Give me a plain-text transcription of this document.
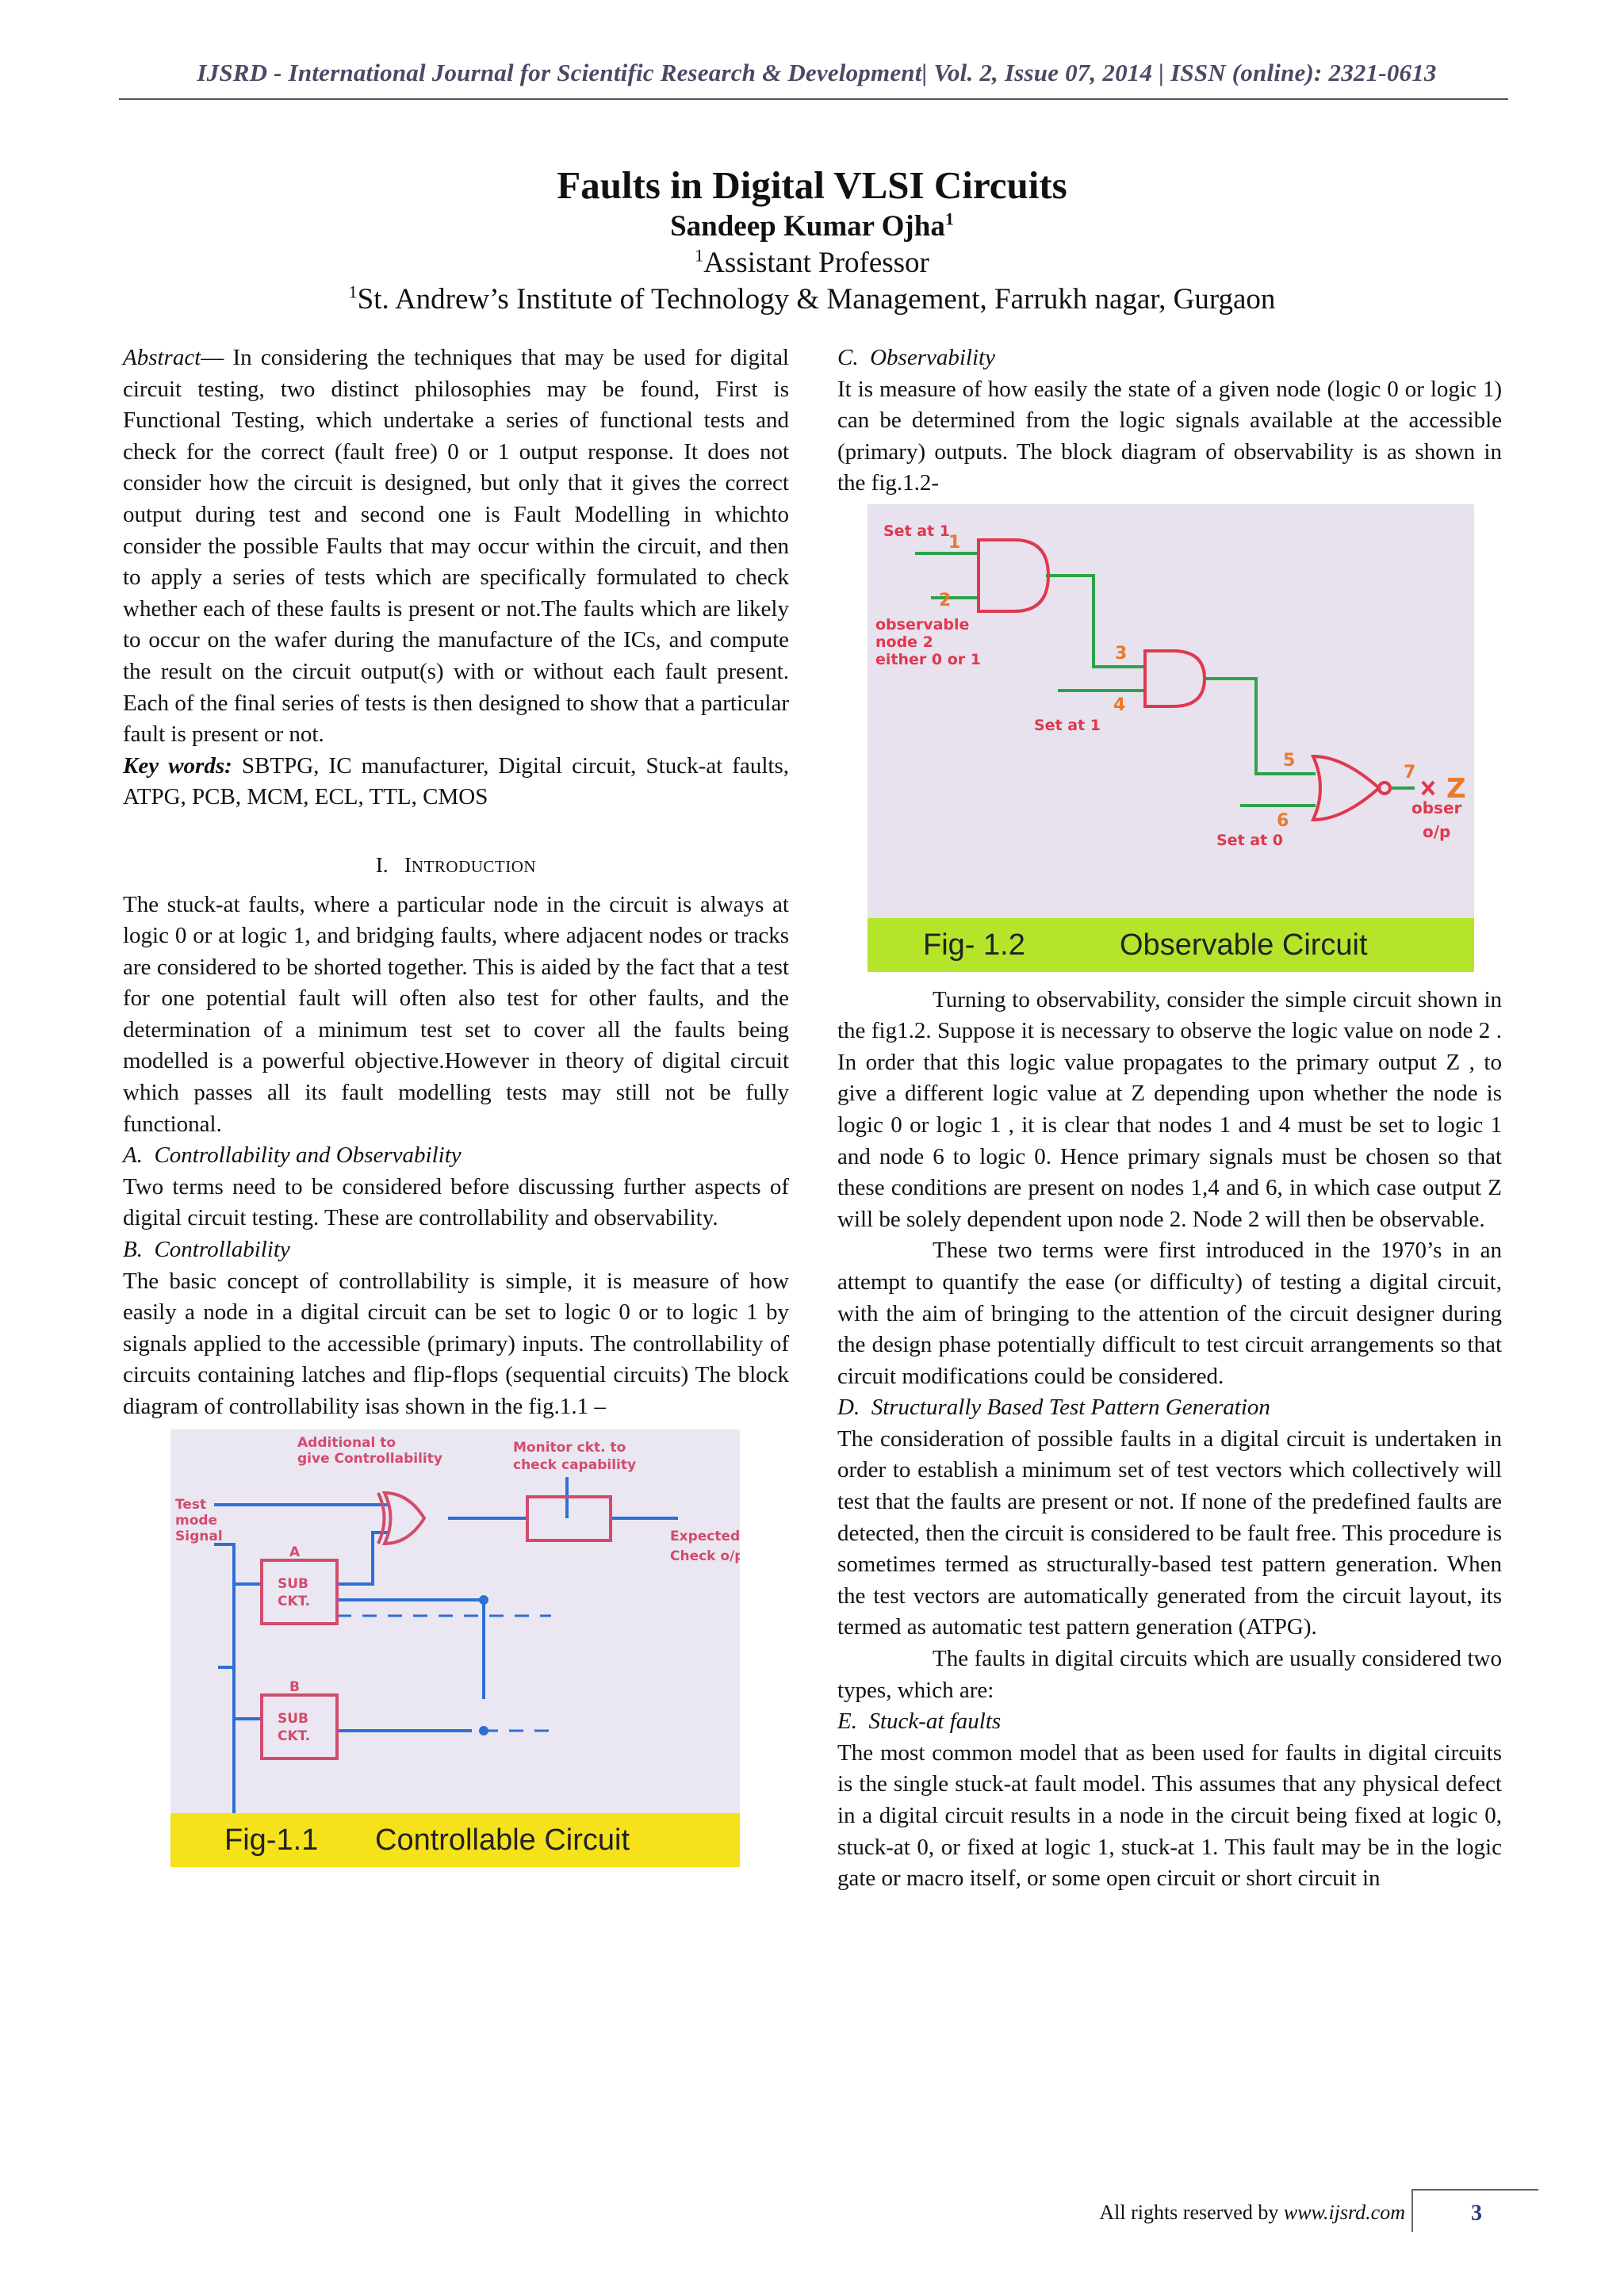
IJSRD - International Journal for Scientific Research & Development| Vol. 2, Issue 07, 2014 | ISSN (online): 2321-0613
Faults in Digital VLSI Circuits
Sandeep Kumar Ojha$^1$
$^1$Assistant Professor
$^1$St. Andrew’s Institute of Technology & Management, Farrukh nagar, Gurgaon

Abstract— In considering the techniques that may be used for digital circuit testing, two distinct philosophies may be found, First is Functional Testing, which undertake a series of functional tests and check for the correct (fault free) 0 or 1 output response. It does not consider how the circuit is designed, but only that it gives the correct output during test and second one is Fault Modelling in whichto consider the possible Faults that may occur within the circuit, and then to apply a series of tests which are specifically formulated to check whether each of these faults is present or not.The faults which are likely to occur on the wafer during the manufacture of the ICs, and compute the result on the circuit output(s) with or without each fault present. Each of the final series of tests is then designed to show that a particular fault is present or not.

Key words: SBTPG, IC manufacturer, Digital circuit, Stuck-at faults, ATPG, PCB, MCM, ECL, TTL, CMOS

I. INTRODUCTION

The stuck-at faults, where a particular node in the circuit is always at logic 0 or at logic 1, and bridging faults, where adjacent nodes or tracks are considered to be shorted together. This is aided by the fact that a test for one potential fault will often also test for other faults, and the determination of a minimum test set to cover all the faults being modelled is a powerful objective.However in theory of digital circuit which passes all its fault modelling tests may still not be fully functional.

A. Controllability and Observability

Two terms need to be considered before discussing further aspects of digital circuit testing. These are controllability and observability.

B. Controllability

The basic concept of controllability is simple, it is measure of how easily a node in a digital circuit can be set to logic 0 or to logic 1 by signals applied to the accessible (primary) inputs. The controllability of circuits containing latches and flip-flops (sequential circuits) The block diagram of controllability isas shown in the fig.1.1 –

Additional to
give Controllability
Test
mode
Signal
Monitor ckt. to
check capability
SUB
CKT.
SUB
CKT.
A
B
Expected
Check o/p
Fig-1.1 Controllable Circuit

C. Observability

It is measure of how easily the state of a given node (logic 0 or logic 1) can be determined from the logic signals available at the accessible (primary) outputs. The block diagram of observability is as shown in the fig.1.2-

Set at 1
observable
node 2
either 0 or 1
Set at 1
Set at 0
obser
o/p
Z
1
2
3
4
5
6
7
Fig- 1.2	Observable Circuit

Turning to observability, consider the simple circuit shown in the fig1.2. Suppose it is necessary to observe the logic value on node 2 . In order that this logic value propagates to the primary output Z , to give a different logic value at Z depending upon whether the node is logic 0 or logic 1 , it is clear that nodes 1 and 4 must be set to logic 1 and node 6 to logic 0. Hence primary signals must be chosen so that these conditions are present on nodes 1,4 and 6, in which case output Z will be solely dependent upon node 2. Node 2 will then be observable.

These two terms were first introduced in the 1970’s in an attempt to quantify the ease (or difficulty) of testing a digital circuit, with the aim of bringing to the attention of the circuit designer during the design phase potentially difficult to test circuit arrangements so that circuit modifications could be considered.

D. Structurally Based Test Pattern Generation

The consideration of possible faults in a digital circuit is undertaken in order to establish a minimum set of test vectors which collectively will test that the faults are present or not. If none of the predefined faults are detected, then the circuit is considered to be fault free. This procedure is sometimes termed as structurally-based test pattern generation. When the test vectors are automatically generated from the circuit layout, its termed as automatic test pattern generation (ATPG).

The faults in digital circuits which are usually considered two types, which are:

E. Stuck-at faults

The most common model that as been used for faults in digital circuits is the single stuck-at fault model. This assumes that any physical defect in a digital circuit results in a node in the circuit being fixed at logic 0, stuck-at 0, or fixed at logic 1, stuck-at 1. This fault may be in the logic gate or macro itself, or some open circuit or short circuit in

All rights reserved by www.ijsrd.com	3
